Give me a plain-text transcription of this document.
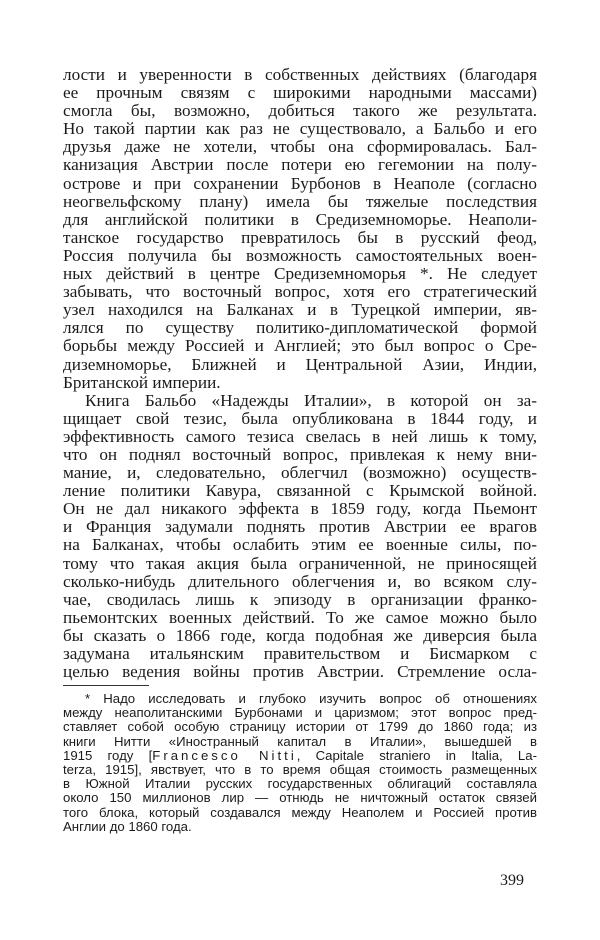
лости и уверенности в собственных действиях (благодаря
ее прочным связям с широкими народными массами)
смогла бы, возможно, добиться такого же результата.
Но такой партии как раз не существовало, а Бальбо и его
друзья даже не хотели, чтобы она сформировалась. Бал-
канизация Австрии после потери ею гегемонии на полу-
острове и при сохранении Бурбонов в Неаполе (согласно
неогвельфскому плану) имела бы тяжелые последствия
для английской политики в Средиземноморье. Неаполи-
танское государство превратилось бы в русский феод,
Россия получила бы возможность самостоятельных воен-
ных действий в центре Средиземноморья *. Не следует
забывать, что восточный вопрос, хотя его стратегический
узел находился на Балканах и в Турецкой империи, яв-
лялся по существу политико-дипломатической формой
борьбы между Россией и Англией; это был вопрос о Сре-
диземноморье, Ближней и Центральной Азии, Индии,
Британской империи.
Книга Бальбо «Надежды Италии», в которой он за-
щищает свой тезис, была опубликована в 1844 году, и
эффективность самого тезиса свелась в ней лишь к тому,
что он поднял восточный вопрос, привлекая к нему вни-
мание, и, следовательно, облегчил (возможно) осуществ-
ление политики Кавура, связанной с Крымской войной.
Он не дал никакого эффекта в 1859 году, когда Пьемонт
и Франция задумали поднять против Австрии ее врагов
на Балканах, чтобы ослабить этим ее военные силы, по-
тому что такая акция была ограниченной, не приносящей
сколько-нибудь длительного облегчения и, во всяком слу-
чае, сводилась лишь к эпизоду в организации франко-
пьемонтских военных действий. То же самое можно было
бы сказать о 1866 годе, когда подобная же диверсия была
задумана итальянским правительством и Бисмарком с
целью ведения войны против Австрии. Стремление осла-
* Надо исследовать и глубоко изучить вопрос об отношениях
между неаполитанскими Бурбонами и царизмом; этот вопрос пред-
ставляет собой особую страницу истории от 1799 до 1860 года; из
книги Нитти «Иностранный капитал в Италии», вышедшей в
1915 году [Francesco Nitti, Capitale straniero in Italia, La-
terza, 1915], явствует, что в то время общая стоимость размещенных
в Южной Италии русских государственных облигаций составляла
около 150 миллионов лир — отнюдь не ничтожный остаток связей
того блока, который создавался между Неаполем и Россией против
Англии до 1860 года.
399
